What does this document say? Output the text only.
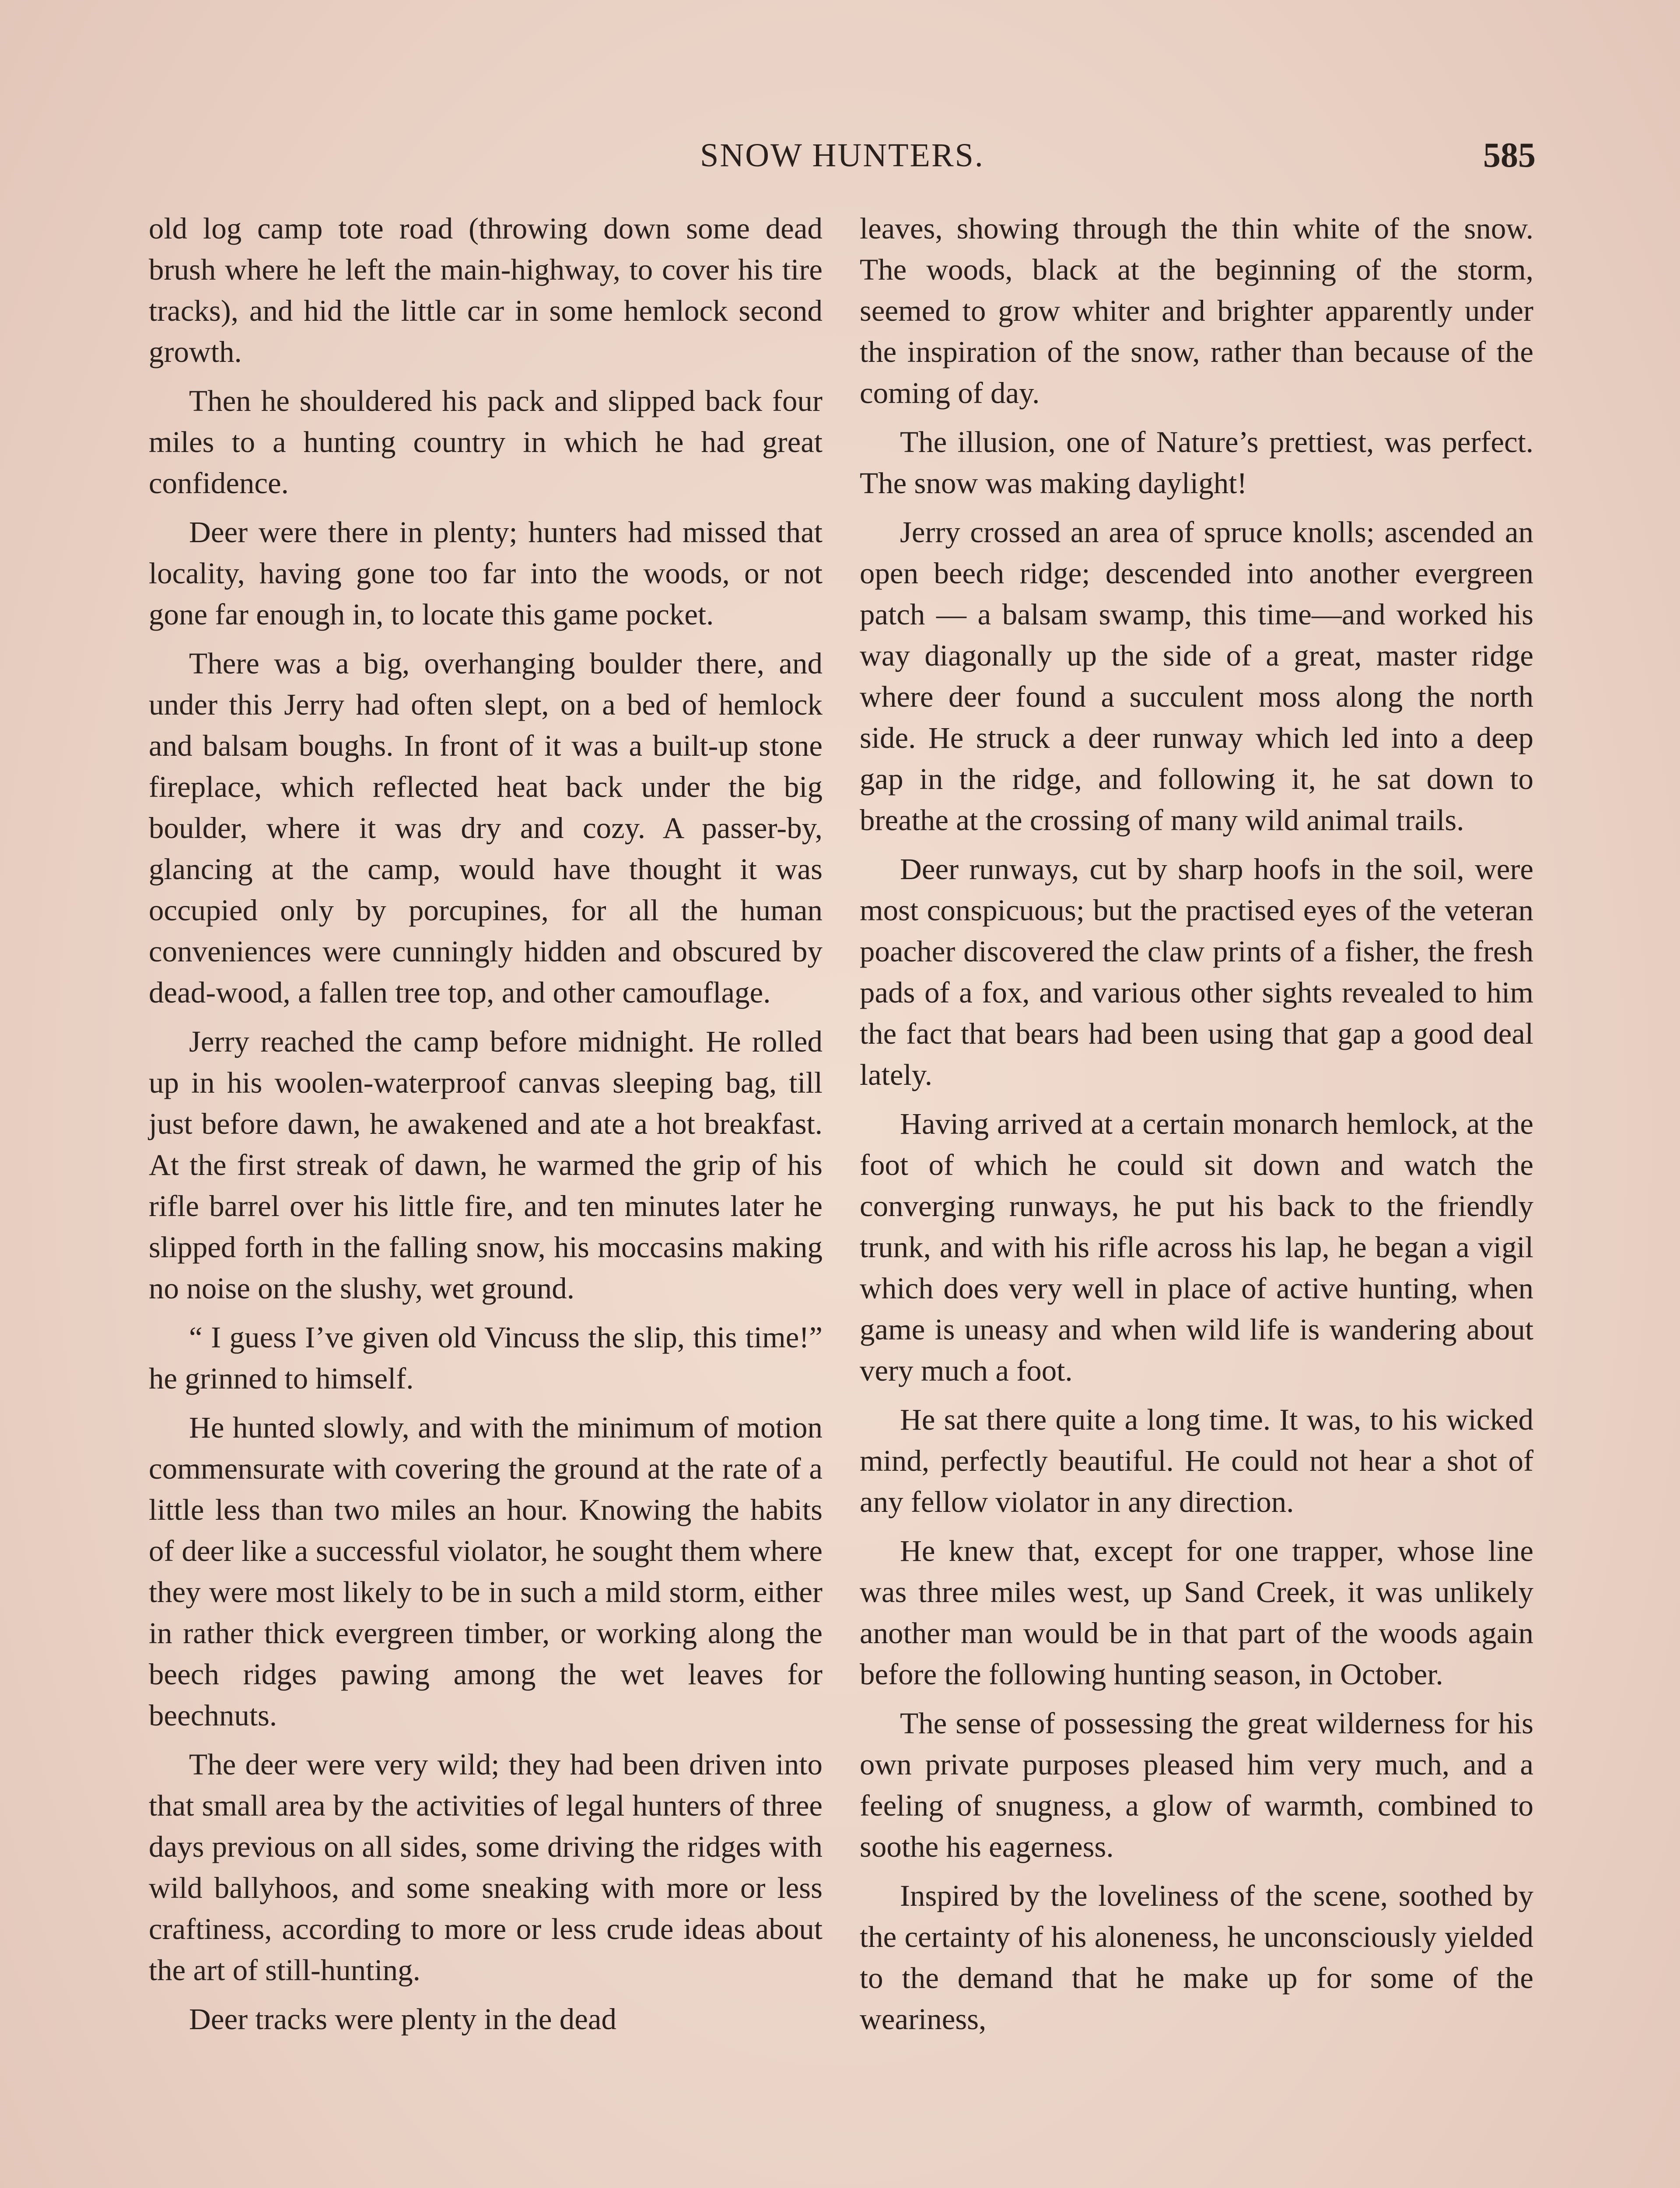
SNOW HUNTERS.	585

old log camp tote road (throwing down some dead brush where he left the main-highway, to cover his tire tracks), and hid the little car in some hemlock second growth.

Then he shouldered his pack and slipped back four miles to a hunting country in which he had great confidence.

Deer were there in plenty; hunters had missed that locality, having gone too far into the woods, or not gone far enough in, to locate this game pocket.

There was a big, overhanging boulder there, and under this Jerry had often slept, on a bed of hemlock and balsam boughs. In front of it was a built-up stone fireplace, which reflected heat back under the big boulder, where it was dry and cozy. A passer-by, glancing at the camp, would have thought it was occupied only by porcupines, for all the human conveniences were cunningly hidden and obscured by dead-wood, a fallen tree top, and other camouflage.

Jerry reached the camp before midnight. He rolled up in his woolen-waterproof canvas sleeping bag, till just before dawn, he awakened and ate a hot breakfast. At the first streak of dawn, he warmed the grip of his rifle barrel over his little fire, and ten minutes later he slipped forth in the falling snow, his moccasins making no noise on the slushy, wet ground.

“ I guess I’ve given old Vincuss the slip, this time!” he grinned to himself.

He hunted slowly, and with the minimum of motion commensurate with covering the ground at the rate of a little less than two miles an hour. Knowing the habits of deer like a successful violator, he sought them where they were most likely to be in such a mild storm, either in rather thick evergreen timber, or working along the beech ridges pawing among the wet leaves for beechnuts.

The deer were very wild; they had been driven into that small area by the activities of legal hunters of three days previous on all sides, some driving the ridges with wild ballyhoos, and some sneaking with more or less craftiness, according to more or less crude ideas about the art of still-hunting.

Deer tracks were plenty in the dead

leaves, showing through the thin white of the snow. The woods, black at the beginning of the storm, seemed to grow whiter and brighter apparently under the inspiration of the snow, rather than because of the coming of day.

The illusion, one of Nature’s prettiest, was perfect. The snow was making daylight!

Jerry crossed an area of spruce knolls; ascended an open beech ridge; descended into another evergreen patch — a balsam swamp, this time—and worked his way diagonally up the side of a great, master ridge where deer found a succulent moss along the north side. He struck a deer runway which led into a deep gap in the ridge, and following it, he sat down to breathe at the crossing of many wild animal trails.

Deer runways, cut by sharp hoofs in the soil, were most conspicuous; but the practised eyes of the veteran poacher discovered the claw prints of a fisher, the fresh pads of a fox, and various other sights revealed to him the fact that bears had been using that gap a good deal lately.

Having arrived at a certain monarch hemlock, at the foot of which he could sit down and watch the converging runways, he put his back to the friendly trunk, and with his rifle across his lap, he began a vigil which does very well in place of active hunting, when game is uneasy and when wild life is wandering about very much a foot.

He sat there quite a long time. It was, to his wicked mind, perfectly beautiful. He could not hear a shot of any fellow violator in any direction.

He knew that, except for one trapper, whose line was three miles west, up Sand Creek, it was unlikely another man would be in that part of the woods again before the following hunting season, in October.

The sense of possessing the great wilderness for his own private purposes pleased him very much, and a feeling of snugness, a glow of warmth, combined to soothe his eagerness.

Inspired by the loveliness of the scene, soothed by the certainty of his aloneness, he unconsciously yielded to the demand that he make up for some of the weariness,
